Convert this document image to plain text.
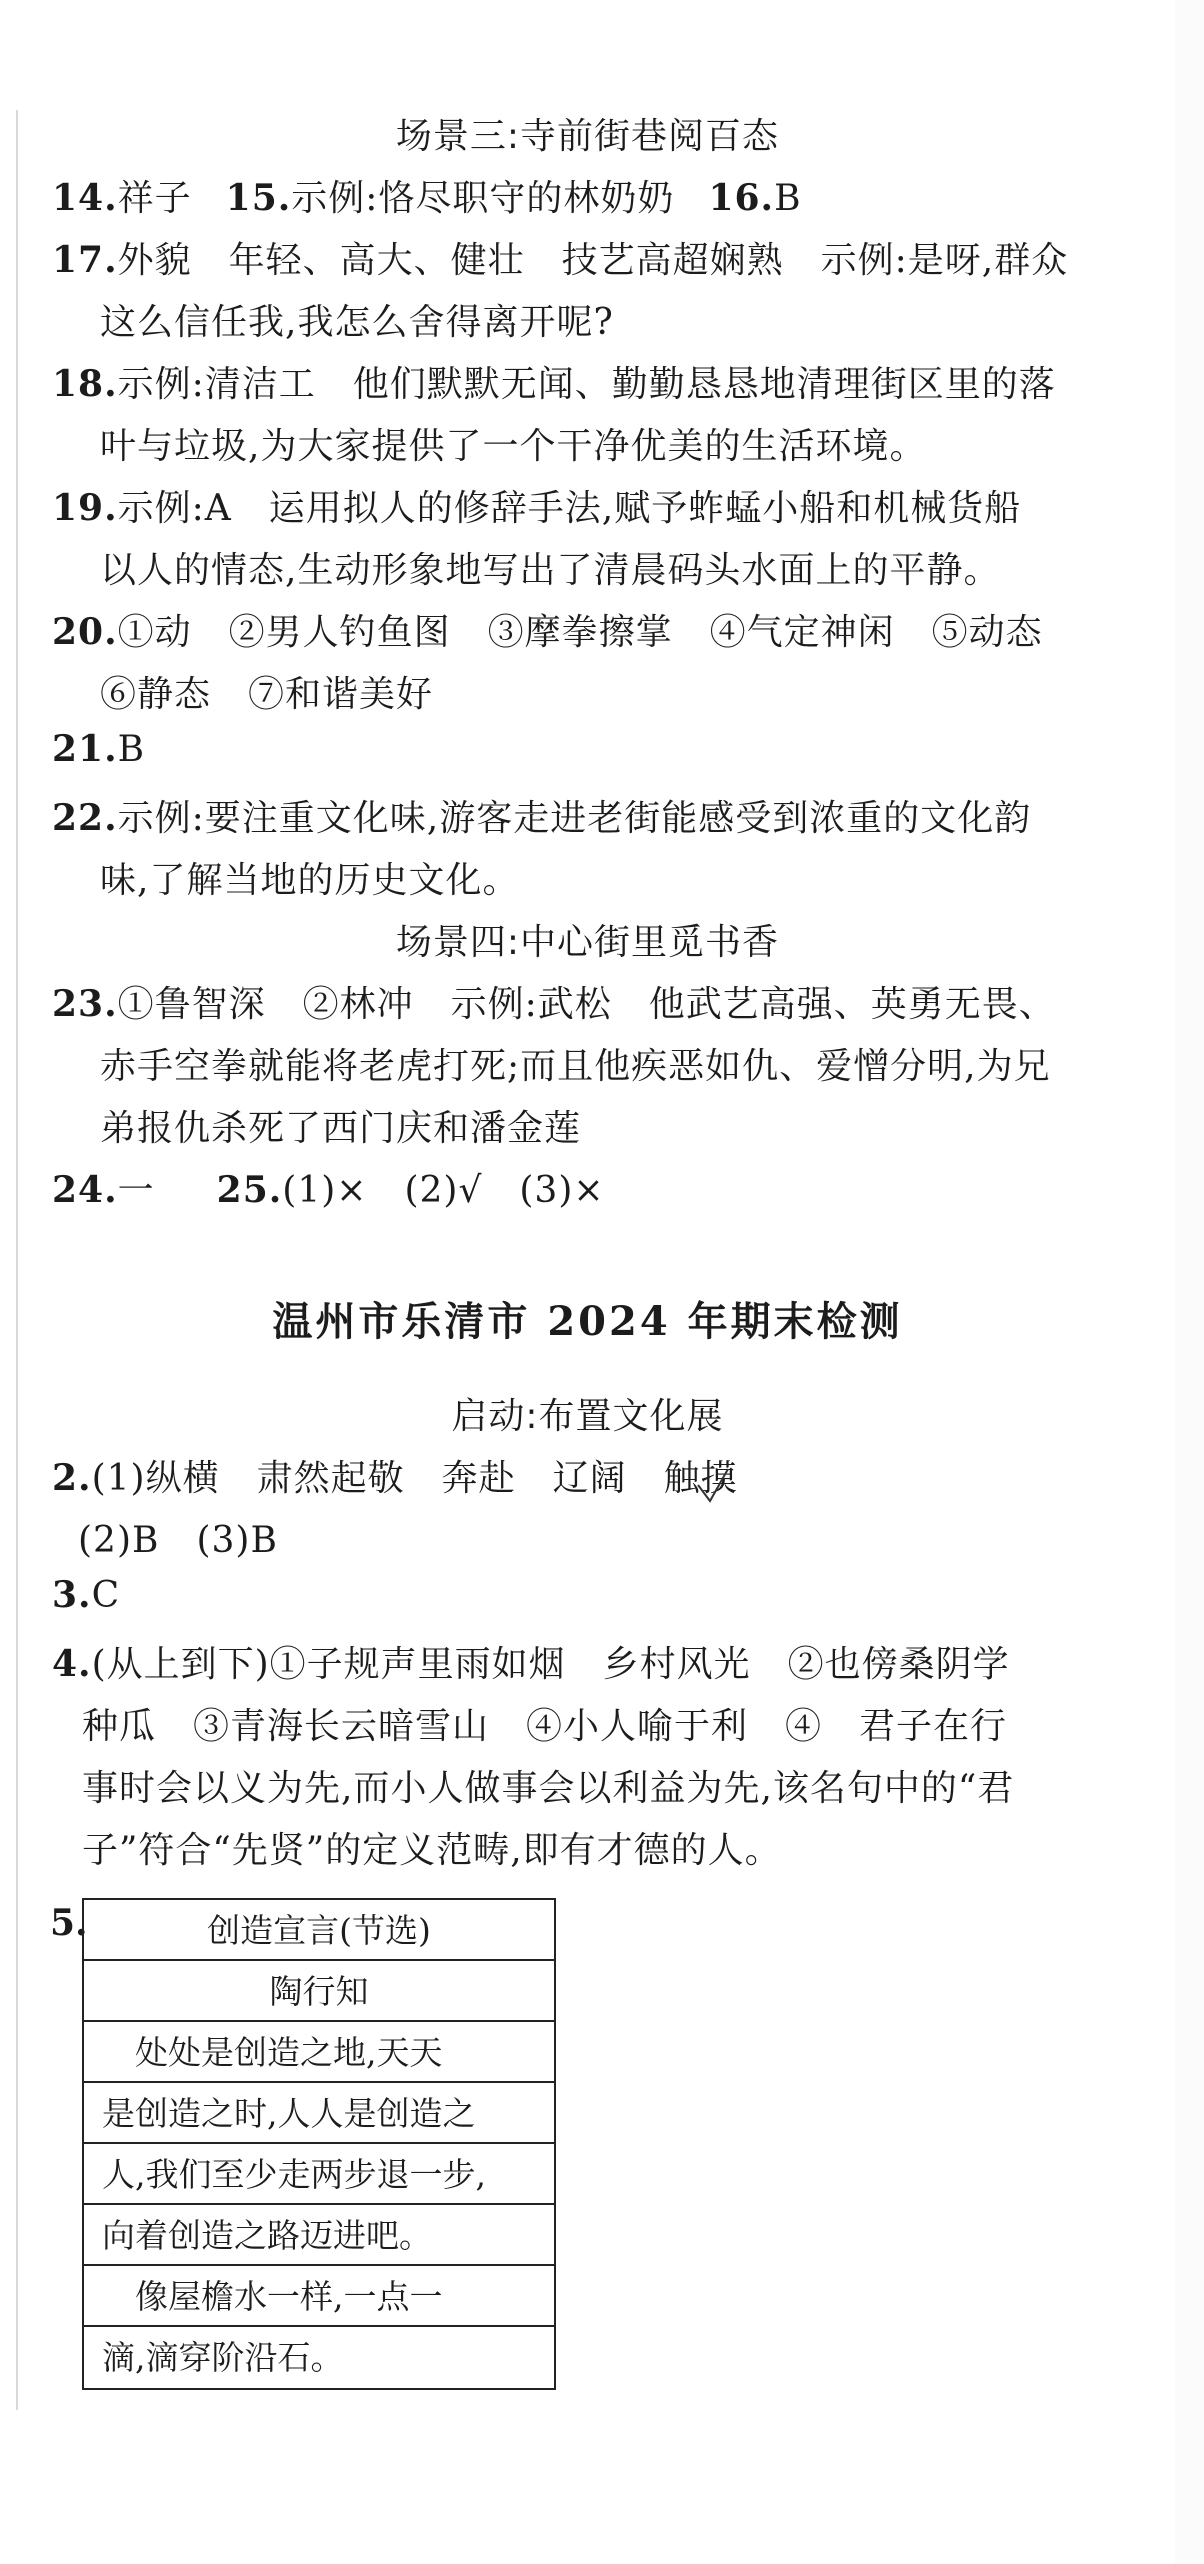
场景三:寺前街巷阅百态
14.祥子 15.示例:恪尽职守的林奶奶 16.B
17.外貌　年轻、高大、健壮　技艺高超娴熟　示例:是呀,群众
这么信任我,我怎么舍得离开呢?
18.示例:清洁工　他们默默无闻、勤勤恳恳地清理街区里的落
叶与垃圾,为大家提供了一个干净优美的生活环境。
19.示例:A　运用拟人的修辞手法,赋予蚱蜢小船和机械货船
以人的情态,生动形象地写出了清晨码头水面上的平静。
20.①动　②男人钓鱼图　③摩拳擦掌　④气定神闲　⑤动态
⑥静态　⑦和谐美好
21.B
22.示例:要注重文化味,游客走进老街能感受到浓重的文化韵
味,了解当地的历史文化。
场景四:中心街里觅书香
23.①鲁智深　②林冲　示例:武松　他武艺高强、英勇无畏、
赤手空拳就能将老虎打死;而且他疾恶如仇、爱憎分明,为兄
弟报仇杀死了西门庆和潘金莲
24.一 25.(1)×　(2)√　(3)×
温州市乐清市 2024 年期末检测
启动:布置文化展
2.(1)纵横　肃然起敬　奔赴　辽阔　触摸
(2)B　(3)B
3.C
4.(从上到下)①子规声里雨如烟　乡村风光　②也傍桑阴学
种瓜　③青海长云暗雪山　④小人喻于利　④　君子在行
事时会以义为先,而小人做事会以利益为先,该名句中的“君
子”符合“先贤”的定义范畴,即有才德的人。
5.	创造宣言(节选)
陶行知
　处处是创造之地,天天
是创造之时,人人是创造之
人,我们至少走两步退一步,
向着创造之路迈进吧。
　像屋檐水一样,一点一
滴,滴穿阶沿石。
